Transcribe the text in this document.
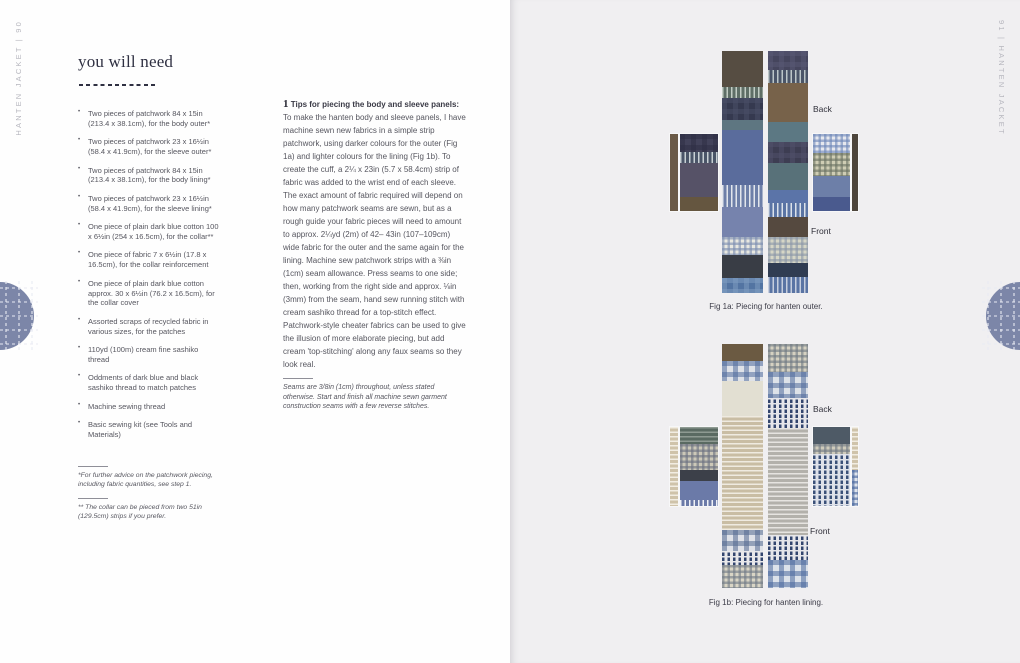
HANTEN JACKET | 90	you will need
• Two pieces of patchwork 84 x 15in (213.4 x 38.1cm), for the body outer*
• Two pieces of patchwork 23 x 16½in (58.4 x 41.9cm), for the sleeve outer*
• Two pieces of patchwork 84 x 15in (213.4 x 38.1cm), for the body lining*
• Two pieces of patchwork 23 x 16½in (58.4 x 41.9cm), for the sleeve lining*
• One piece of plain dark blue cotton 100 x 6½in (254 x 16.5cm), for the collar**
• One piece of fabric 7 x 6½in (17.8 x 16.5cm), for the collar reinforcement
• One piece of plain dark blue cotton approx. 30 x 6½in (76.2 x 16.5cm), for the collar cover
• Assorted scraps of recycled fabric in various sizes, for the patches
• 110yd (100m) cream fine sashiko thread
• Oddments of dark blue and black sashiko thread to match patches
• Machine sewing thread
• Basic sewing kit (see Tools and Materials)

*For further advice on the patchwork piecing, including fabric quantities, see step 1.

** The collar can be pieced from two 51in (129.5cm) strips if you prefer.

1 Tips for piecing the body and sleeve panels:
To make the hanten body and sleeve panels, I have machine sewn new fabrics in a simple strip patchwork, using darker colours for the outer (Fig 1a) and lighter colours for the lining (Fig 1b). To create the cuff, a 2¼ x 23in (5.7 x 58.4cm) strip of fabric was added to the wrist end of each sleeve. The exact amount of fabric required will depend on how many patchwork seams are sewn, but as a rough guide your fabric pieces will need to amount to approx. 2¼yd (2m) of 42– 43in (107–109cm) wide fabric for the outer and the same again for the lining. Machine sew patchwork strips with a ⅜in (1cm) seam allowance. Press seams to one side; then, working from the right side and approx. ⅛in (3mm) from the seam, hand sew running stitch with cream sashiko thread for a top-stitch effect. Patchwork-style cheater fabrics can be used to give the illusion of more elaborate piecing, but add cream 'top-stitching' along any faux seams so they look real.

Seams are 3/8in (1cm) throughout, unless stated otherwise. Start and finish all machine sewn garment construction seams with a few reverse stitches.

91 | HANTEN JACKET
Back
Front
Fig 1a: Piecing for hanten outer.
Back
Front
Fig 1b: Piecing for hanten lining.
